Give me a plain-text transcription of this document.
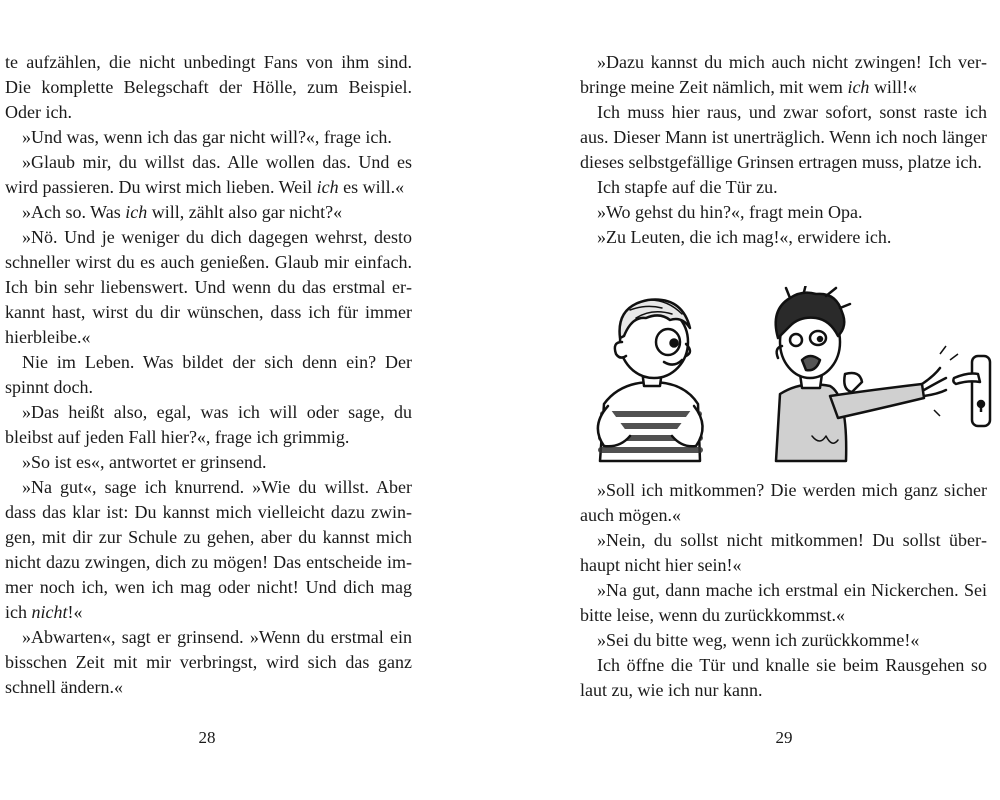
te aufzählen, die nicht unbedingt Fans von ihm sind. Die komplette Belegschaft der Hölle, zum Beispiel. Oder ich.

»Und was, wenn ich das gar nicht will?«, frage ich.

»Glaub mir, du willst das. Alle wollen das. Und es wird passieren. Du wirst mich lieben. Weil ich es will.«

»Ach so. Was ich will, zählt also gar nicht?«

»Nö. Und je weniger du dich dagegen wehrst, desto schneller wirst du es auch genießen. Glaub mir einfach. Ich bin sehr liebenswert. Und wenn du das erstmal erkannt hast, wirst du dir wünschen, dass ich für immer hierbleibe.«

Nie im Leben. Was bildet der sich denn ein? Der spinnt doch.

»Das heißt also, egal, was ich will oder sage, du bleibst auf jeden Fall hier?«, frage ich grimmig.

»So ist es«, antwortet er grinsend.

»Na gut«, sage ich knurrend. »Wie du willst. Aber dass das klar ist: Du kannst mich vielleicht dazu zwingen, mit dir zur Schule zu gehen, aber du kannst mich nicht dazu zwingen, dich zu mögen! Das entscheide immer noch ich, wen ich mag oder nicht! Und dich mag ich nicht!«

»Abwarten«, sagt er grinsend. »Wenn du erstmal ein bisschen Zeit mit mir verbringst, wird sich das ganz schnell ändern.«

28

»Dazu kannst du mich auch nicht zwingen! Ich verbringe meine Zeit nämlich, mit wem ich will!«

Ich muss hier raus, und zwar sofort, sonst raste ich aus. Dieser Mann ist unerträglich. Wenn ich noch länger dieses selbstgefällige Grinsen ertragen muss, platze ich.

Ich stapfe auf die Tür zu.

»Wo gehst du hin?«, fragt mein Opa.

»Zu Leuten, die ich mag!«, erwidere ich.

»Soll ich mitkommen? Die werden mich ganz sicher auch mögen.«

»Nein, du sollst nicht mitkommen! Du sollst überhaupt nicht hier sein!«

»Na gut, dann mache ich erstmal ein Nickerchen. Sei bitte leise, wenn du zurückkommst.«

»Sei du bitte weg, wenn ich zurückkomme!«

Ich öffne die Tür und knalle sie beim Rausgehen so laut zu, wie ich nur kann.

29
